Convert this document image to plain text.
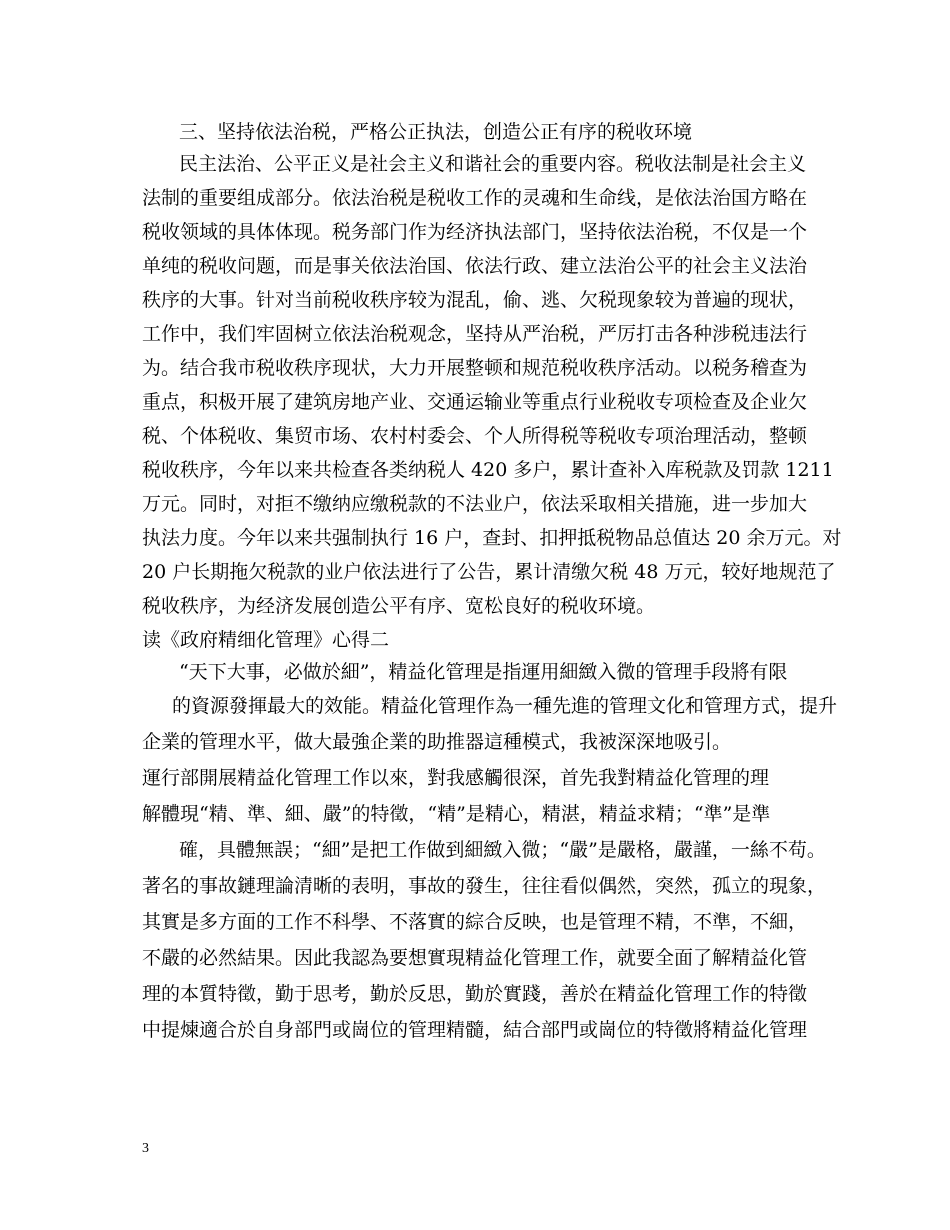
三、坚持依法治税，严格公正执法，创造公正有序的税收环境
民主法治、公平正义是社会主义和谐社会的重要内容。税收法制是社会主义
法制的重要组成部分。依法治税是税收工作的灵魂和生命线，是依法治国方略在
税收领域的具体体现。税务部门作为经济执法部门，坚持依法治税，不仅是一个
单纯的税收问题，而是事关依法治国、依法行政、建立法治公平的社会主义法治
秩序的大事。针对当前税收秩序较为混乱，偷、逃、欠税现象较为普遍的现状，
工作中，我们牢固树立依法治税观念，坚持从严治税，严厉打击各种涉税违法行
为。结合我市税收秩序现状，大力开展整顿和规范税收秩序活动。以税务稽查为
重点，积极开展了建筑房地产业、交通运输业等重点行业税收专项检查及企业欠
税、个体税收、集贸市场、农村村委会、个人所得税等税收专项治理活动，整顿
税收秩序，今年以来共检查各类纳税人 420 多户，累计查补入库税款及罚款 1211
万元。同时，对拒不缴纳应缴税款的不法业户，依法采取相关措施，进一步加大
执法力度。今年以来共强制执行 16 户，查封、扣押抵税物品总值达 20 余万元。对
20 户长期拖欠税款的业户依法进行了公告，累计清缴欠税 48 万元，较好地规范了
税收秩序，为经济发展创造公平有序、宽松良好的税收环境。
读《政府精细化管理》心得二
“天下大事，必做於細”，精益化管理是指運用細緻入微的管理手段將有限
的資源發揮最大的效能。精益化管理作為一種先進的管理文化和管理方式，提升
企業的管理水平，做大最強企業的助推器這種模式，我被深深地吸引。
運行部開展精益化管理工作以來，對我感觸很深，首先我對精益化管理的理
解體現“精、準、細、嚴”的特徵，“精”是精心，精湛，精益求精；“準”是準
確，具體無誤；“細”是把工作做到細緻入微；“嚴”是嚴格，嚴謹，一絲不苟。
著名的事故鏈理論清晰的表明，事故的發生，往往看似偶然，突然，孤立的現象，
其實是多方面的工作不科學、不落實的綜合反映，也是管理不精，不準，不細，
不嚴的必然結果。因此我認為要想實現精益化管理工作，就要全面了解精益化管
理的本質特徵，勤于思考，勤於反思，勤於實踐，善於在精益化管理工作的特徵
中提煉適合於自身部門或崗位的管理精髓，結合部門或崗位的特徵將精益化管理
3
